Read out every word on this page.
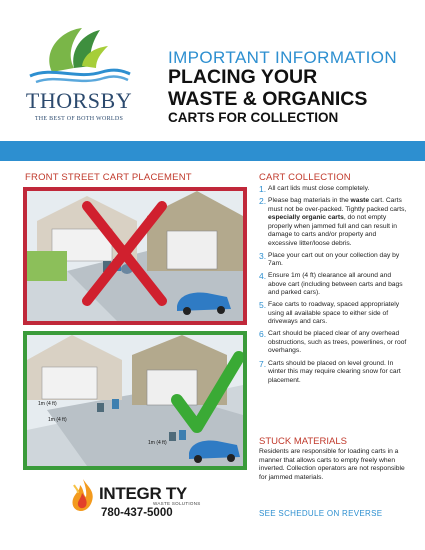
THORSBY
THE BEST OF BOTH WORLDS
IMPORTANT INFORMATION
PLACING YOUR
WASTE & ORGANICS
CARTS FOR COLLECTION
FRONT STREET CART PLACEMENT
1m (4 ft)
1m (4 ft)
1m (4 ft)
CART COLLECTION
1. All cart lids must close completely.
2. Please bag materials in the waste cart. Carts must not be over-packed. Tightly packed carts, especially organic carts, do not empty properly when jammed full and can result in damage to carts and/or property and excessive litter/loose debris.
3. Place your cart out on your collection day by 7am.
4. Ensure 1m (4 ft) clearance all around and above cart (including between carts and bags and parked cars).
5. Face carts to roadway, spaced appropriately using all available space to either side of driveways and cars.
6. Cart should be placed clear of any overhead obstructions, such as trees, powerlines, or roof overhangs.
7. Carts should be placed on level ground. In winter this may require clearing snow for cart placement.
STUCK MATERIALS
Residents are responsible for loading carts in a manner that allows carts to empty freely when inverted. Collection operators are not responsible for jammed materials.
SEE SCHEDULE ON REVERSE
INTEGR TY
WASTE SOLUTIONS
780-437-5000
